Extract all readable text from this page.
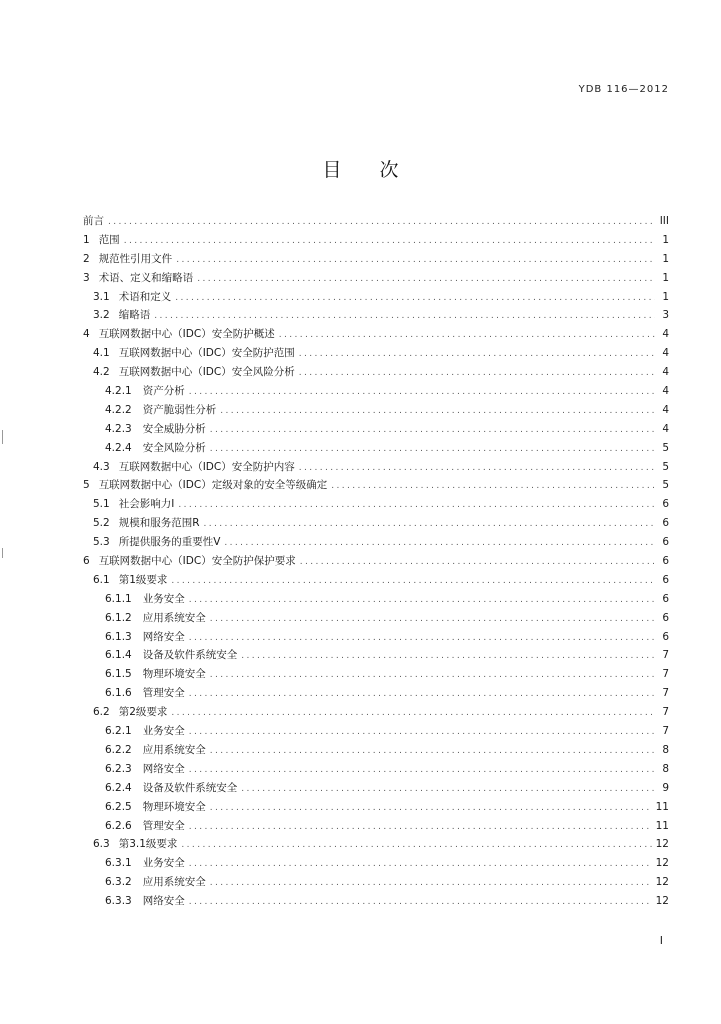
YDB 116—2012
目 次
前言 .....	III
1 范围 .....	1
2 规范性引用文件 .....	1
3 术语、定义和缩略语 .....	1
3.1 术语和定义 .....	1
3.2 缩略语 .....	3
4 互联网数据中心（IDC）安全防护概述 .....	4
4.1 互联网数据中心（IDC）安全防护范围 .....	4
4.2 互联网数据中心（IDC）安全风险分析 .....	4
4.2.1 资产分析 .....	4
4.2.2 资产脆弱性分析 .....	4
4.2.3 安全威胁分析 .....	4
4.2.4 安全风险分析 .....	5
4.3 互联网数据中心（IDC）安全防护内容 .....	5
5 互联网数据中心（IDC）定级对象的安全等级确定 .....	5
5.1 社会影响力I .....	6
5.2 规模和服务范围R .....	6
5.3 所提供服务的重要性V .....	6
6 互联网数据中心（IDC）安全防护保护要求 .....	6
6.1 第1级要求 .....	6
6.1.1 业务安全 .....	6
6.1.2 应用系统安全 .....	6
6.1.3 网络安全 .....	6
6.1.4 设备及软件系统安全 .....	7
6.1.5 物理环境安全 .....	7
6.1.6 管理安全 .....	7
6.2 第2级要求 .....	7
6.2.1 业务安全 .....	7
6.2.2 应用系统安全 .....	8
6.2.3 网络安全 .....	8
6.2.4 设备及软件系统安全 .....	9
6.2.5 物理环境安全 .....	11
6.2.6 管理安全 .....	11
6.3 第3.1级要求 .....	12
6.3.1 业务安全 .....	12
6.3.2 应用系统安全 .....	12
6.3.3 网络安全 .....	12
I
